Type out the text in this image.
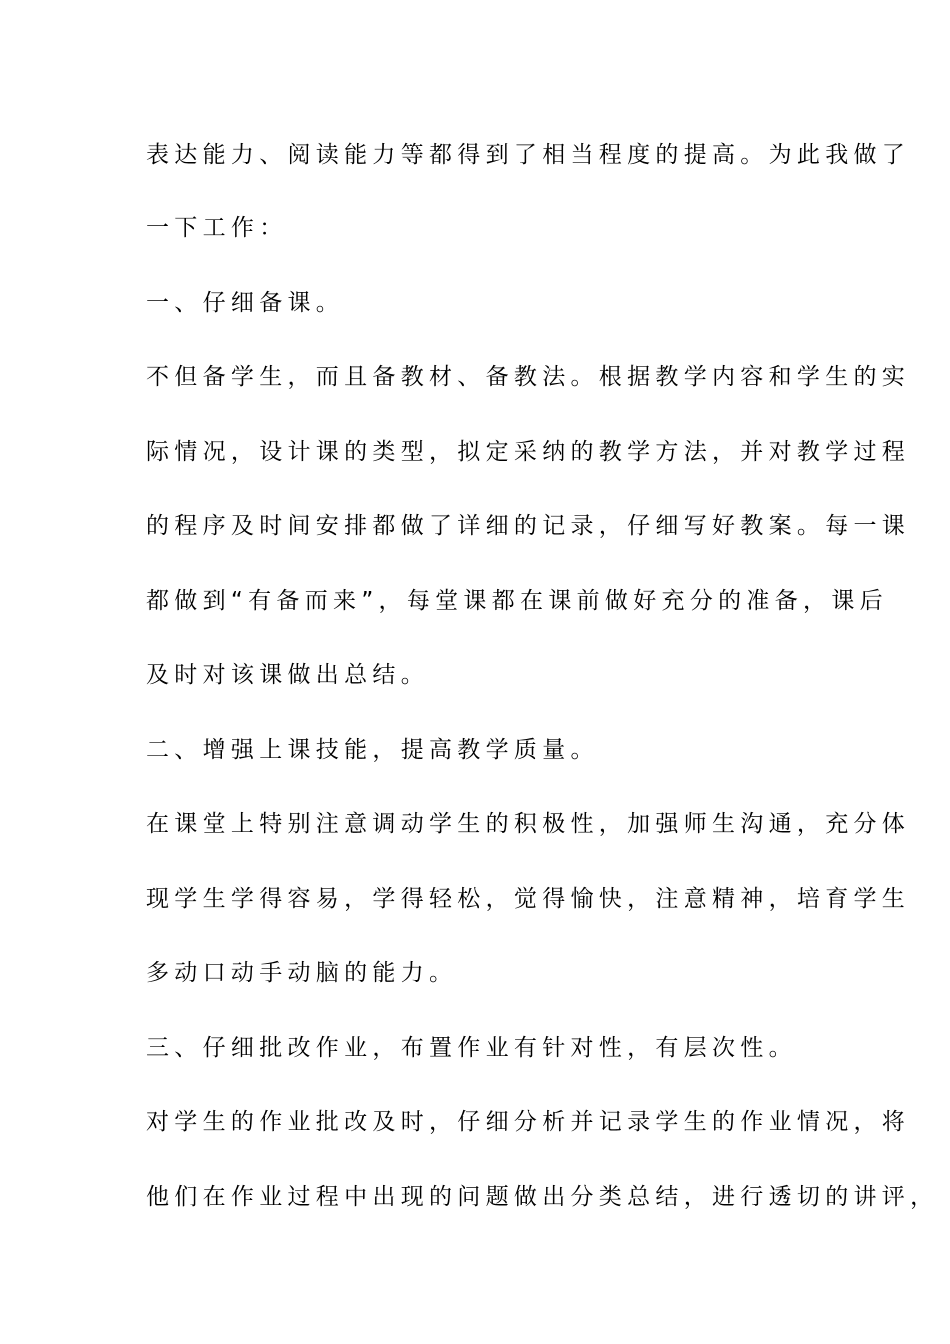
表达能力、阅读能力等都得到了相当程度的提高。为此我做了
一下工作：
一、仔细备课。
不但备学生，而且备教材、备教法。根据教学内容和学生的实
际情况，设计课的类型，拟定采纳的教学方法，并对教学过程
的程序及时间安排都做了详细的记录，仔细写好教案。每一课
都做到“有备而来”，每堂课都在课前做好充分的准备，课后
及时对该课做出总结。
二、增强上课技能，提高教学质量。
在课堂上特别注意调动学生的积极性，加强师生沟通，充分体
现学生学得容易，学得轻松，觉得愉快，注意精神，培育学生
多动口动手动脑的能力。
三、仔细批改作业，布置作业有针对性，有层次性。
对学生的作业批改及时，仔细分析并记录学生的作业情况，将
他们在作业过程中出现的问题做出分类总结，进行透切的讲评，
